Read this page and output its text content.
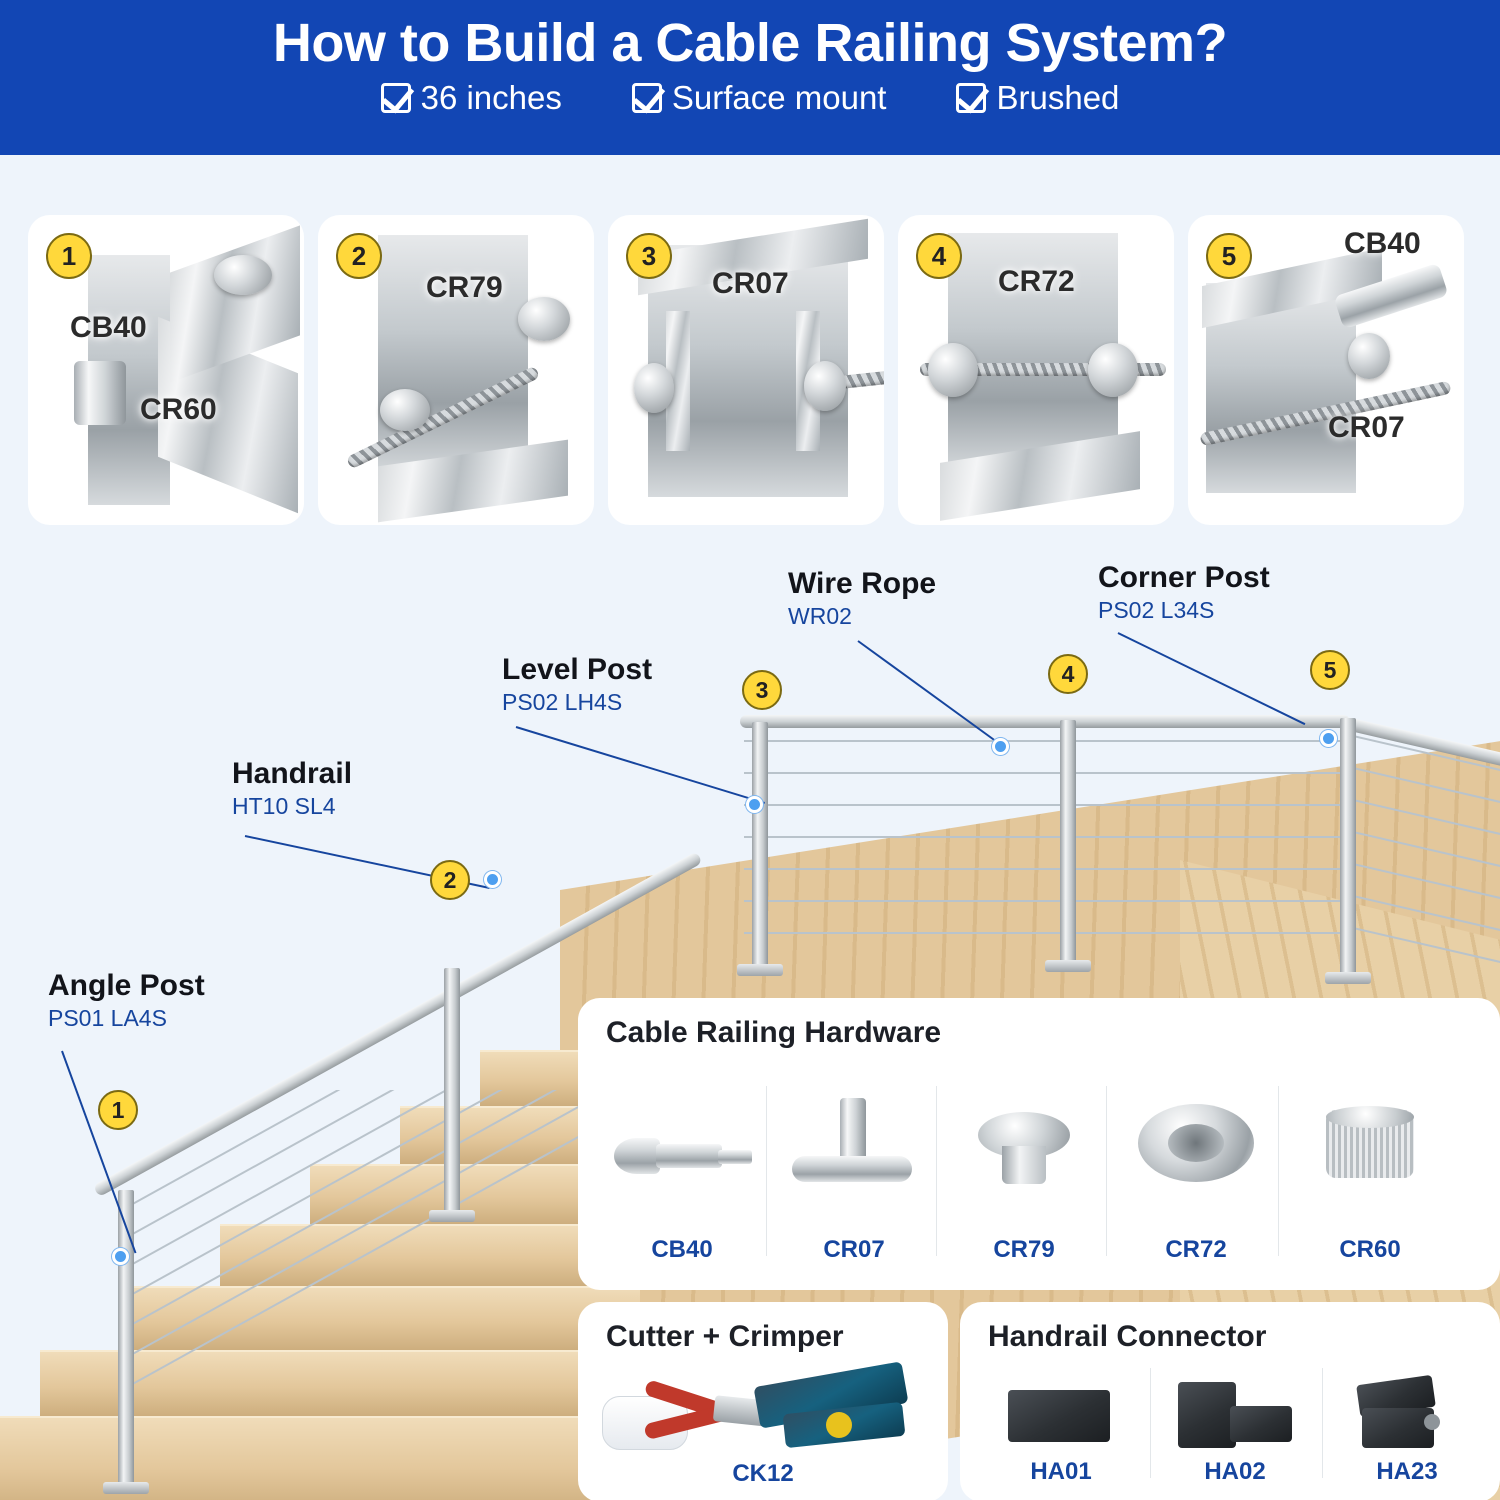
How to Build a Cable Railing System?
36 inches	Surface mount	Brushed
1
CB40
CR60
2
CR79
3
CR07
4
CR72
5	CB40
CR07
Angle Post
PS01 LA4S
1
Handrail
HT10 SL4
2
Level Post
PS02 LH4S	3
Wire Rope
WR02
4
Corner Post
PS02 L34S
5
Cable Railing Hardware
CB40	CR07	CR79	CR72	CR60
Cutter + Crimper
CK12
Handrail Connector
HA01	HA02	HA23
